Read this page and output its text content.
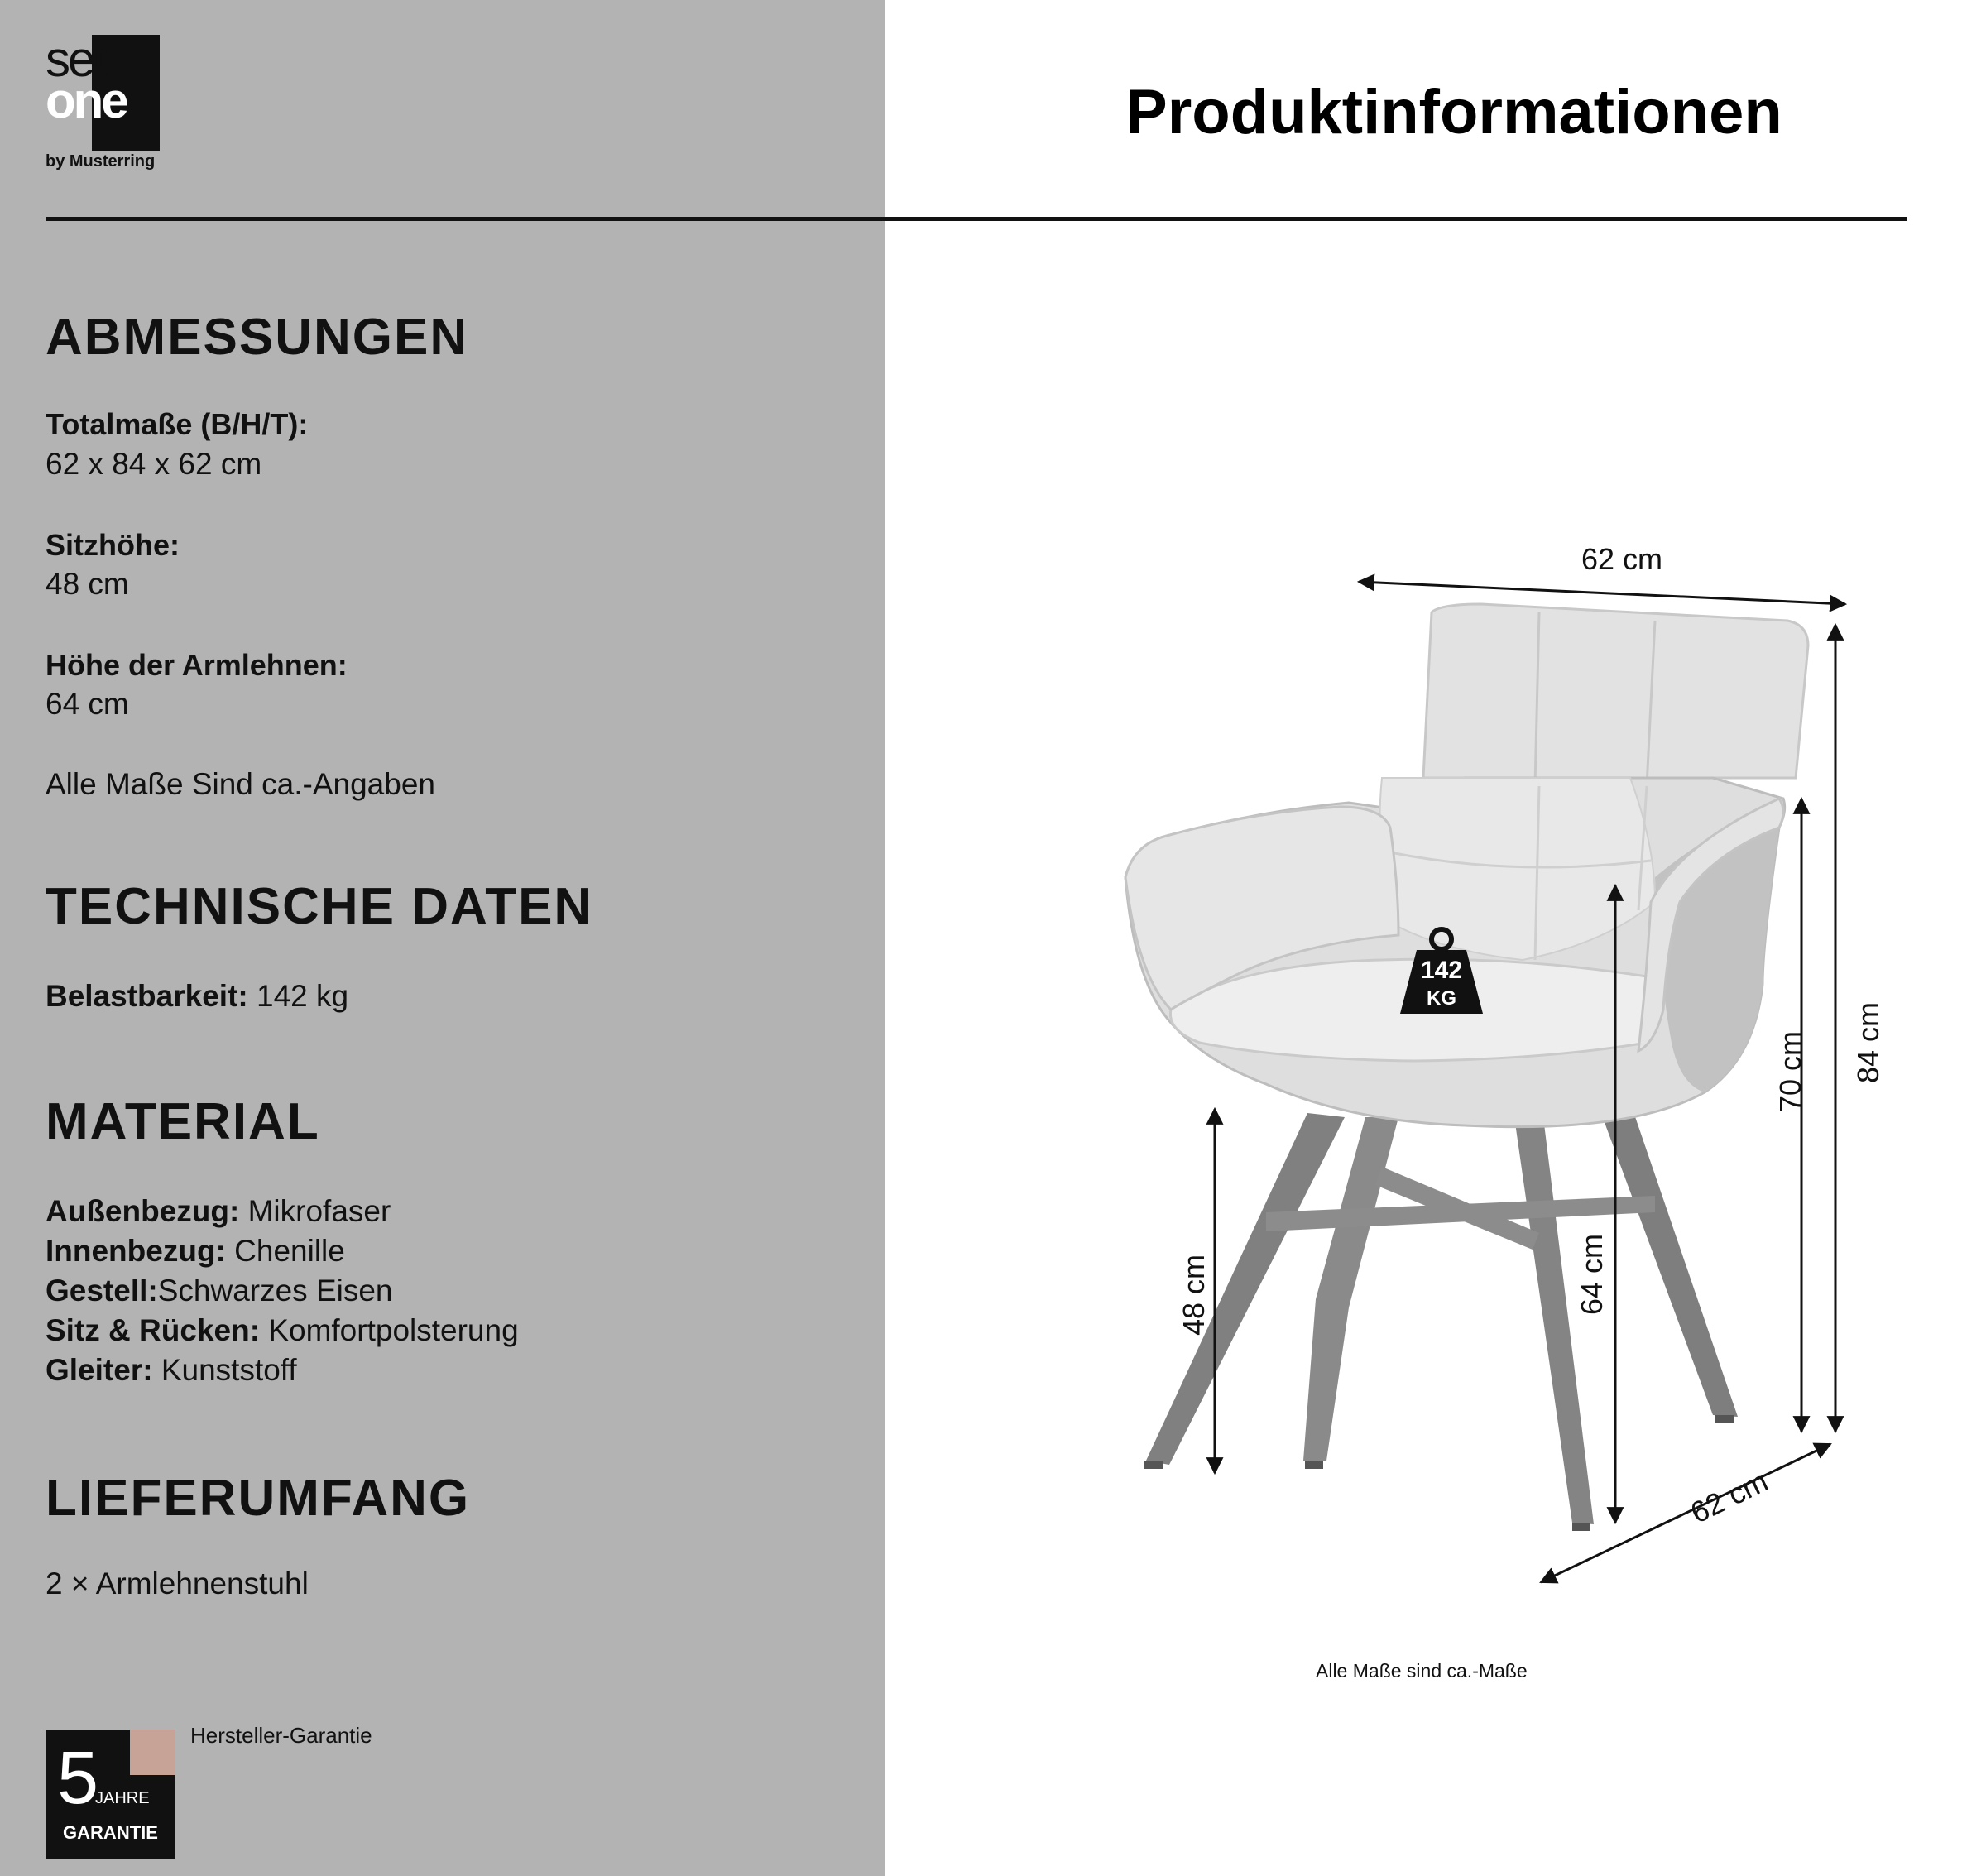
set
one
by Musterring
Produktinformationen
ABMESSUNGEN
Totalmaße (B/H/T):
62 x 84 x 62 cm
Sitzhöhe:
48 cm
Höhe der Armlehnen:
64 cm
Alle Maße Sind ca.-Angaben
TECHNISCHE DATEN
Belastbarkeit: 142 kg
MATERIAL
Außenbezug: Mikrofaser
Innenbezug: Chenille
Gestell:Schwarzes Eisen
Sitz & Rücken: Komfortpolsterung
Gleiter: Kunststoff
LIEFERUMFANG
2 × Armlehnenstuhl
5
JAHRE
GARANTIE
Hersteller-Garantie
142
KG
62 cm
84 cm
70 cm
64 cm
48 cm
62 cm
Alle Maße sind ca.-Maße
